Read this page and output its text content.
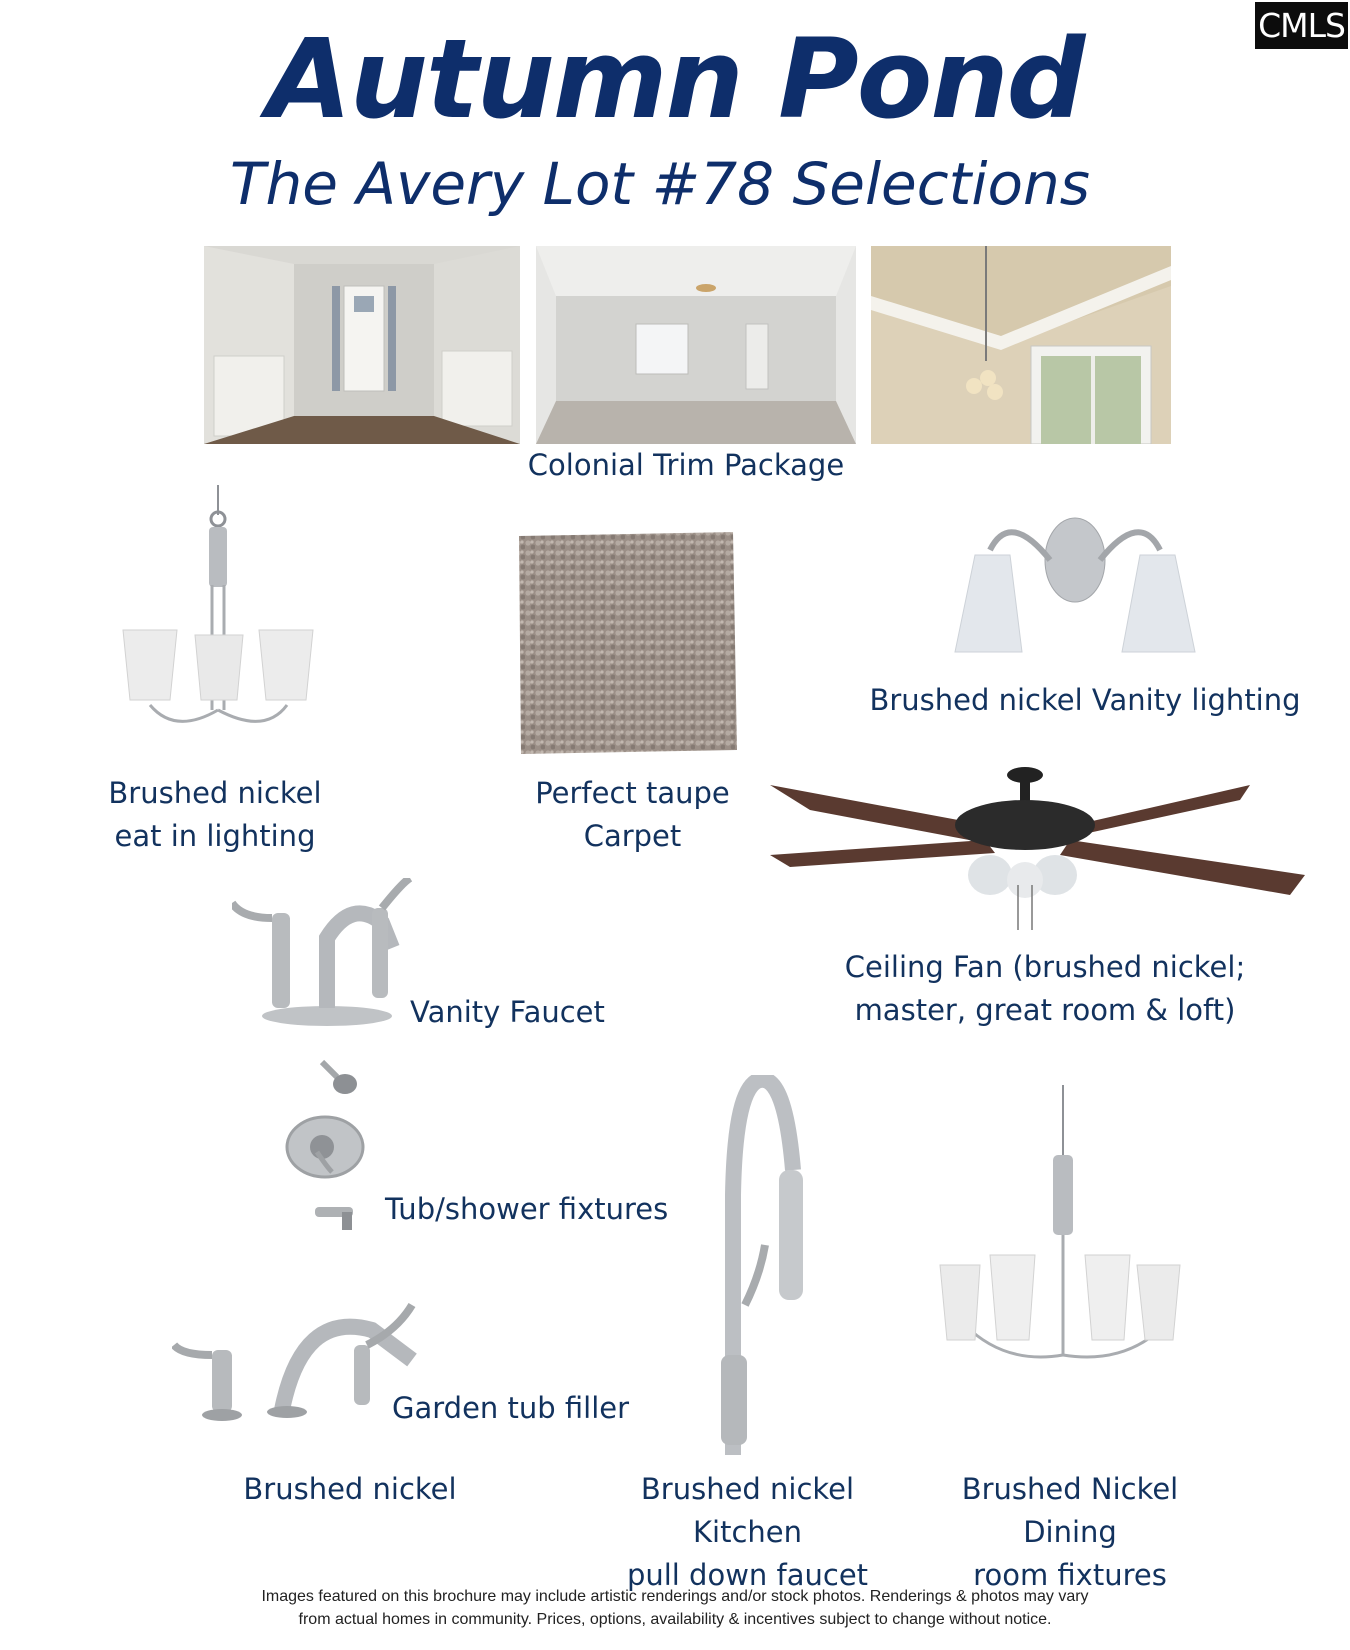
CMLS
Autumn Pond
The Avery Lot #78 Selections
Colonial Trim Package
Brushed nickel
eat in lighting
Perfect taupe
Carpet
Brushed nickel Vanity lighting
Ceiling Fan (brushed nickel;
master, great room & loft)
Vanity Faucet
Tub/shower fixtures
Garden tub filler
Brushed nickel	Brushed nickel Kitchen
pull down faucet
Brushed Nickel Dining
room fixtures
Images featured on this brochure may include artistic renderings and/or stock photos. Renderings & photos may vary
from actual homes in community. Prices, options, availability & incentives subject to change without notice.
